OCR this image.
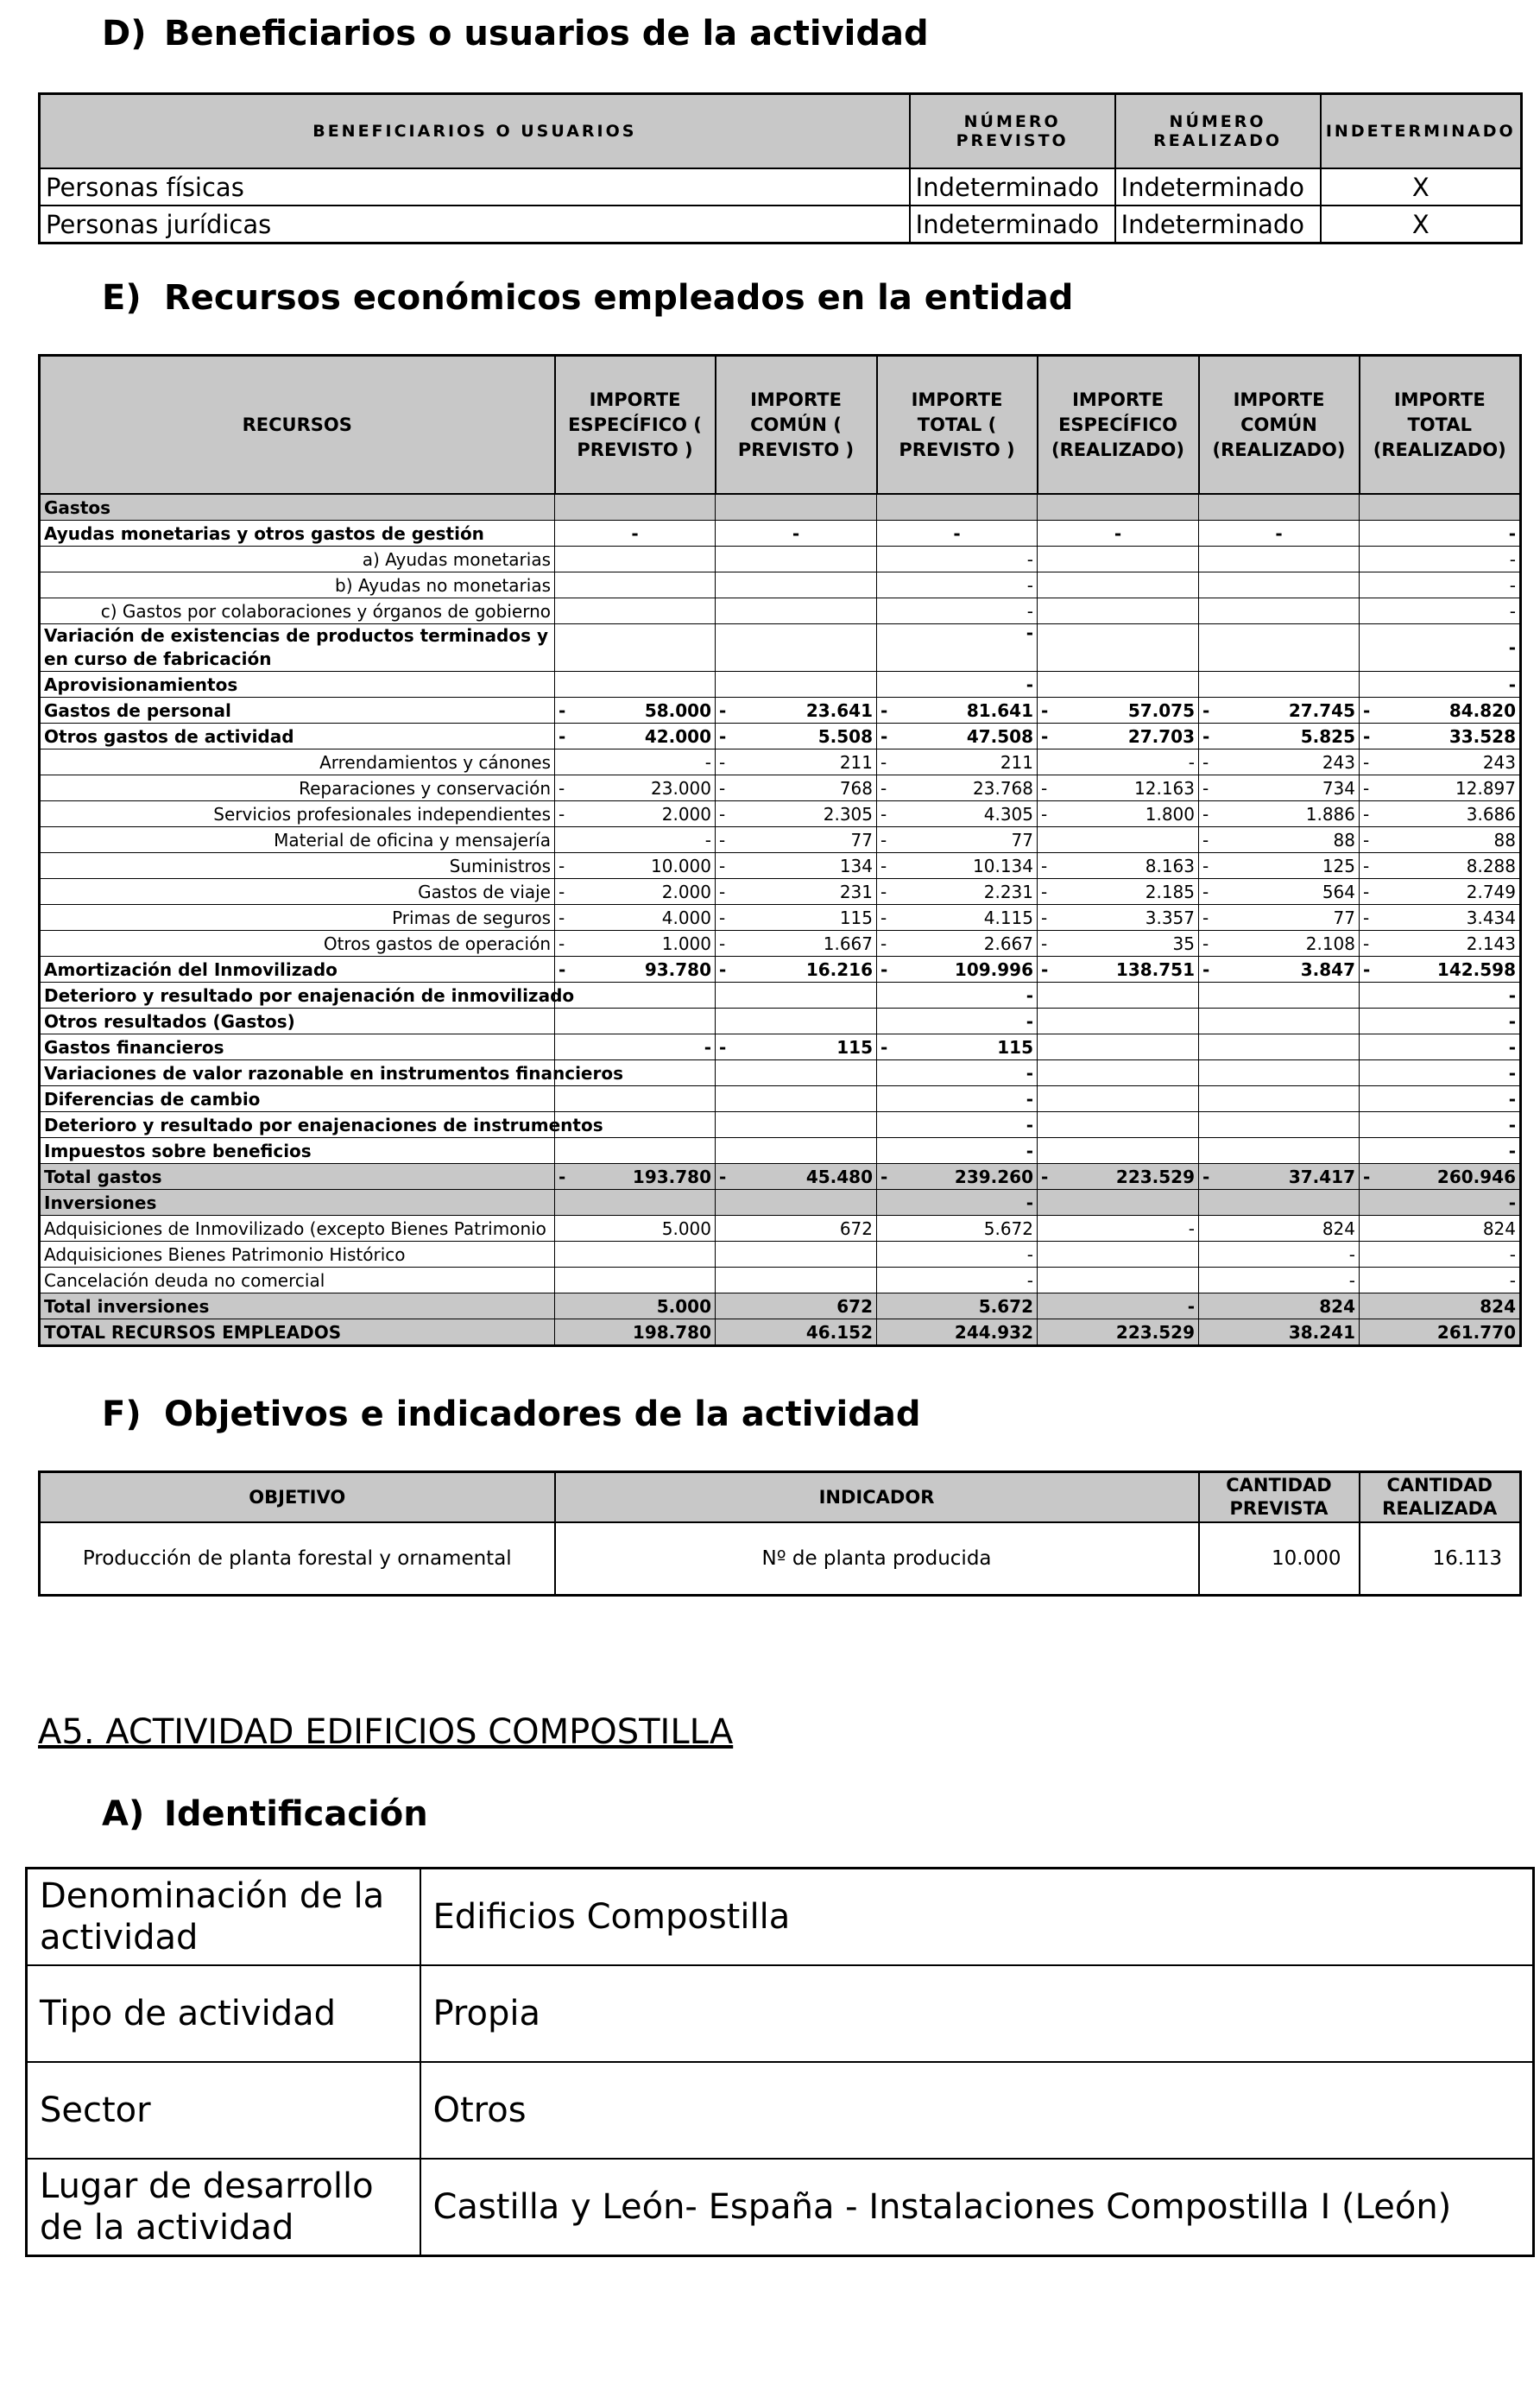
D) Beneficiarios o usuarios de la actividad
BENEFICIARIOS O USUARIOS	NÚMERO PREVISTO	NÚMERO REALIZADO	INDETERMINADO
Personas físicas	Indeterminado	Indeterminado	X
Personas jurídicas	Indeterminado	Indeterminado	X
E) Recursos económicos empleados en la entidad
RECURSOS	IMPORTE ESPECÍFICO ( PREVISTO )	IMPORTE COMÚN ( PREVISTO )	IMPORTE TOTAL ( PREVISTO )	IMPORTE ESPECÍFICO (REALIZADO)	IMPORTE COMÚN (REALIZADO)	IMPORTE TOTAL (REALIZADO)
Gastos						
Ayudas monetarias y otros gastos de gestión	-	-	-	-	-	-
a) Ayudas monetarias			-			-
b) Ayudas no monetarias			-			-
c) Gastos por colaboraciones y órganos de gobierno			-			-
Variación de existencias de productos terminados y en curso de fabricación			-			-
Aprovisionamientos			-			-
Gastos de personal	- 58.000	- 23.641	- 81.641	- 57.075	- 27.745	- 84.820
Otros gastos de actividad	- 42.000	- 5.508	- 47.508	- 27.703	- 5.825	- 33.528
Arrendamientos y cánones	-	- 211	- 211	-	- 243	- 243
Reparaciones y conservación	- 23.000	- 768	- 23.768	- 12.163	- 734	- 12.897
Servicios profesionales independientes	- 2.000	- 2.305	- 4.305	- 1.800	- 1.886	- 3.686
Material de oficina y mensajería	-	- 77	- 77		- 88	- 88
Suministros	- 10.000	- 134	- 10.134	- 8.163	- 125	- 8.288
Gastos de viaje	- 2.000	- 231	- 2.231	- 2.185	- 564	- 2.749
Primas de seguros	- 4.000	- 115	- 4.115	- 3.357	- 77	- 3.434
Otros gastos de operación	- 1.000	- 1.667	- 2.667	- 35	- 2.108	- 2.143
Amortización del Inmovilizado	- 93.780	- 16.216	- 109.996	- 138.751	- 3.847	- 142.598
Deterioro y resultado por enajenación de inmovilizado			-			-
Otros resultados (Gastos)			-			-
Gastos financieros	-	- 115	- 115			-
Variaciones de valor razonable en instrumentos financieros			-			-
Diferencias de cambio			-			-
Deterioro y resultado por enajenaciones de instrumentos			-			-
Impuestos sobre beneficios			-			-
Total gastos	- 193.780	- 45.480	- 239.260	- 223.529	- 37.417	- 260.946
Inversiones			-			-
Adquisiciones de Inmovilizado (excepto Bienes Patrimonio	5.000	672	5.672	-	824	824
Adquisiciones Bienes Patrimonio Histórico			-		-	-
Cancelación deuda no comercial			-		-	-
Total inversiones	5.000	672	5.672	-	824	824
TOTAL RECURSOS EMPLEADOS	198.780	46.152	244.932	223.529	38.241	261.770
F) Objetivos e indicadores de la actividad
OBJETIVO	INDICADOR	CANTIDAD PREVISTA	CANTIDAD REALIZADA
Producción de planta forestal y ornamental	Nº de planta producida	10.000	16.113
A5. ACTIVIDAD EDIFICIOS COMPOSTILLA
A) Identificación
Denominación de la actividad	Edificios Compostilla
Tipo de actividad	Propia
Sector	Otros
Lugar de desarrollo de la actividad	Castilla y León- España - Instalaciones Compostilla I (León)
